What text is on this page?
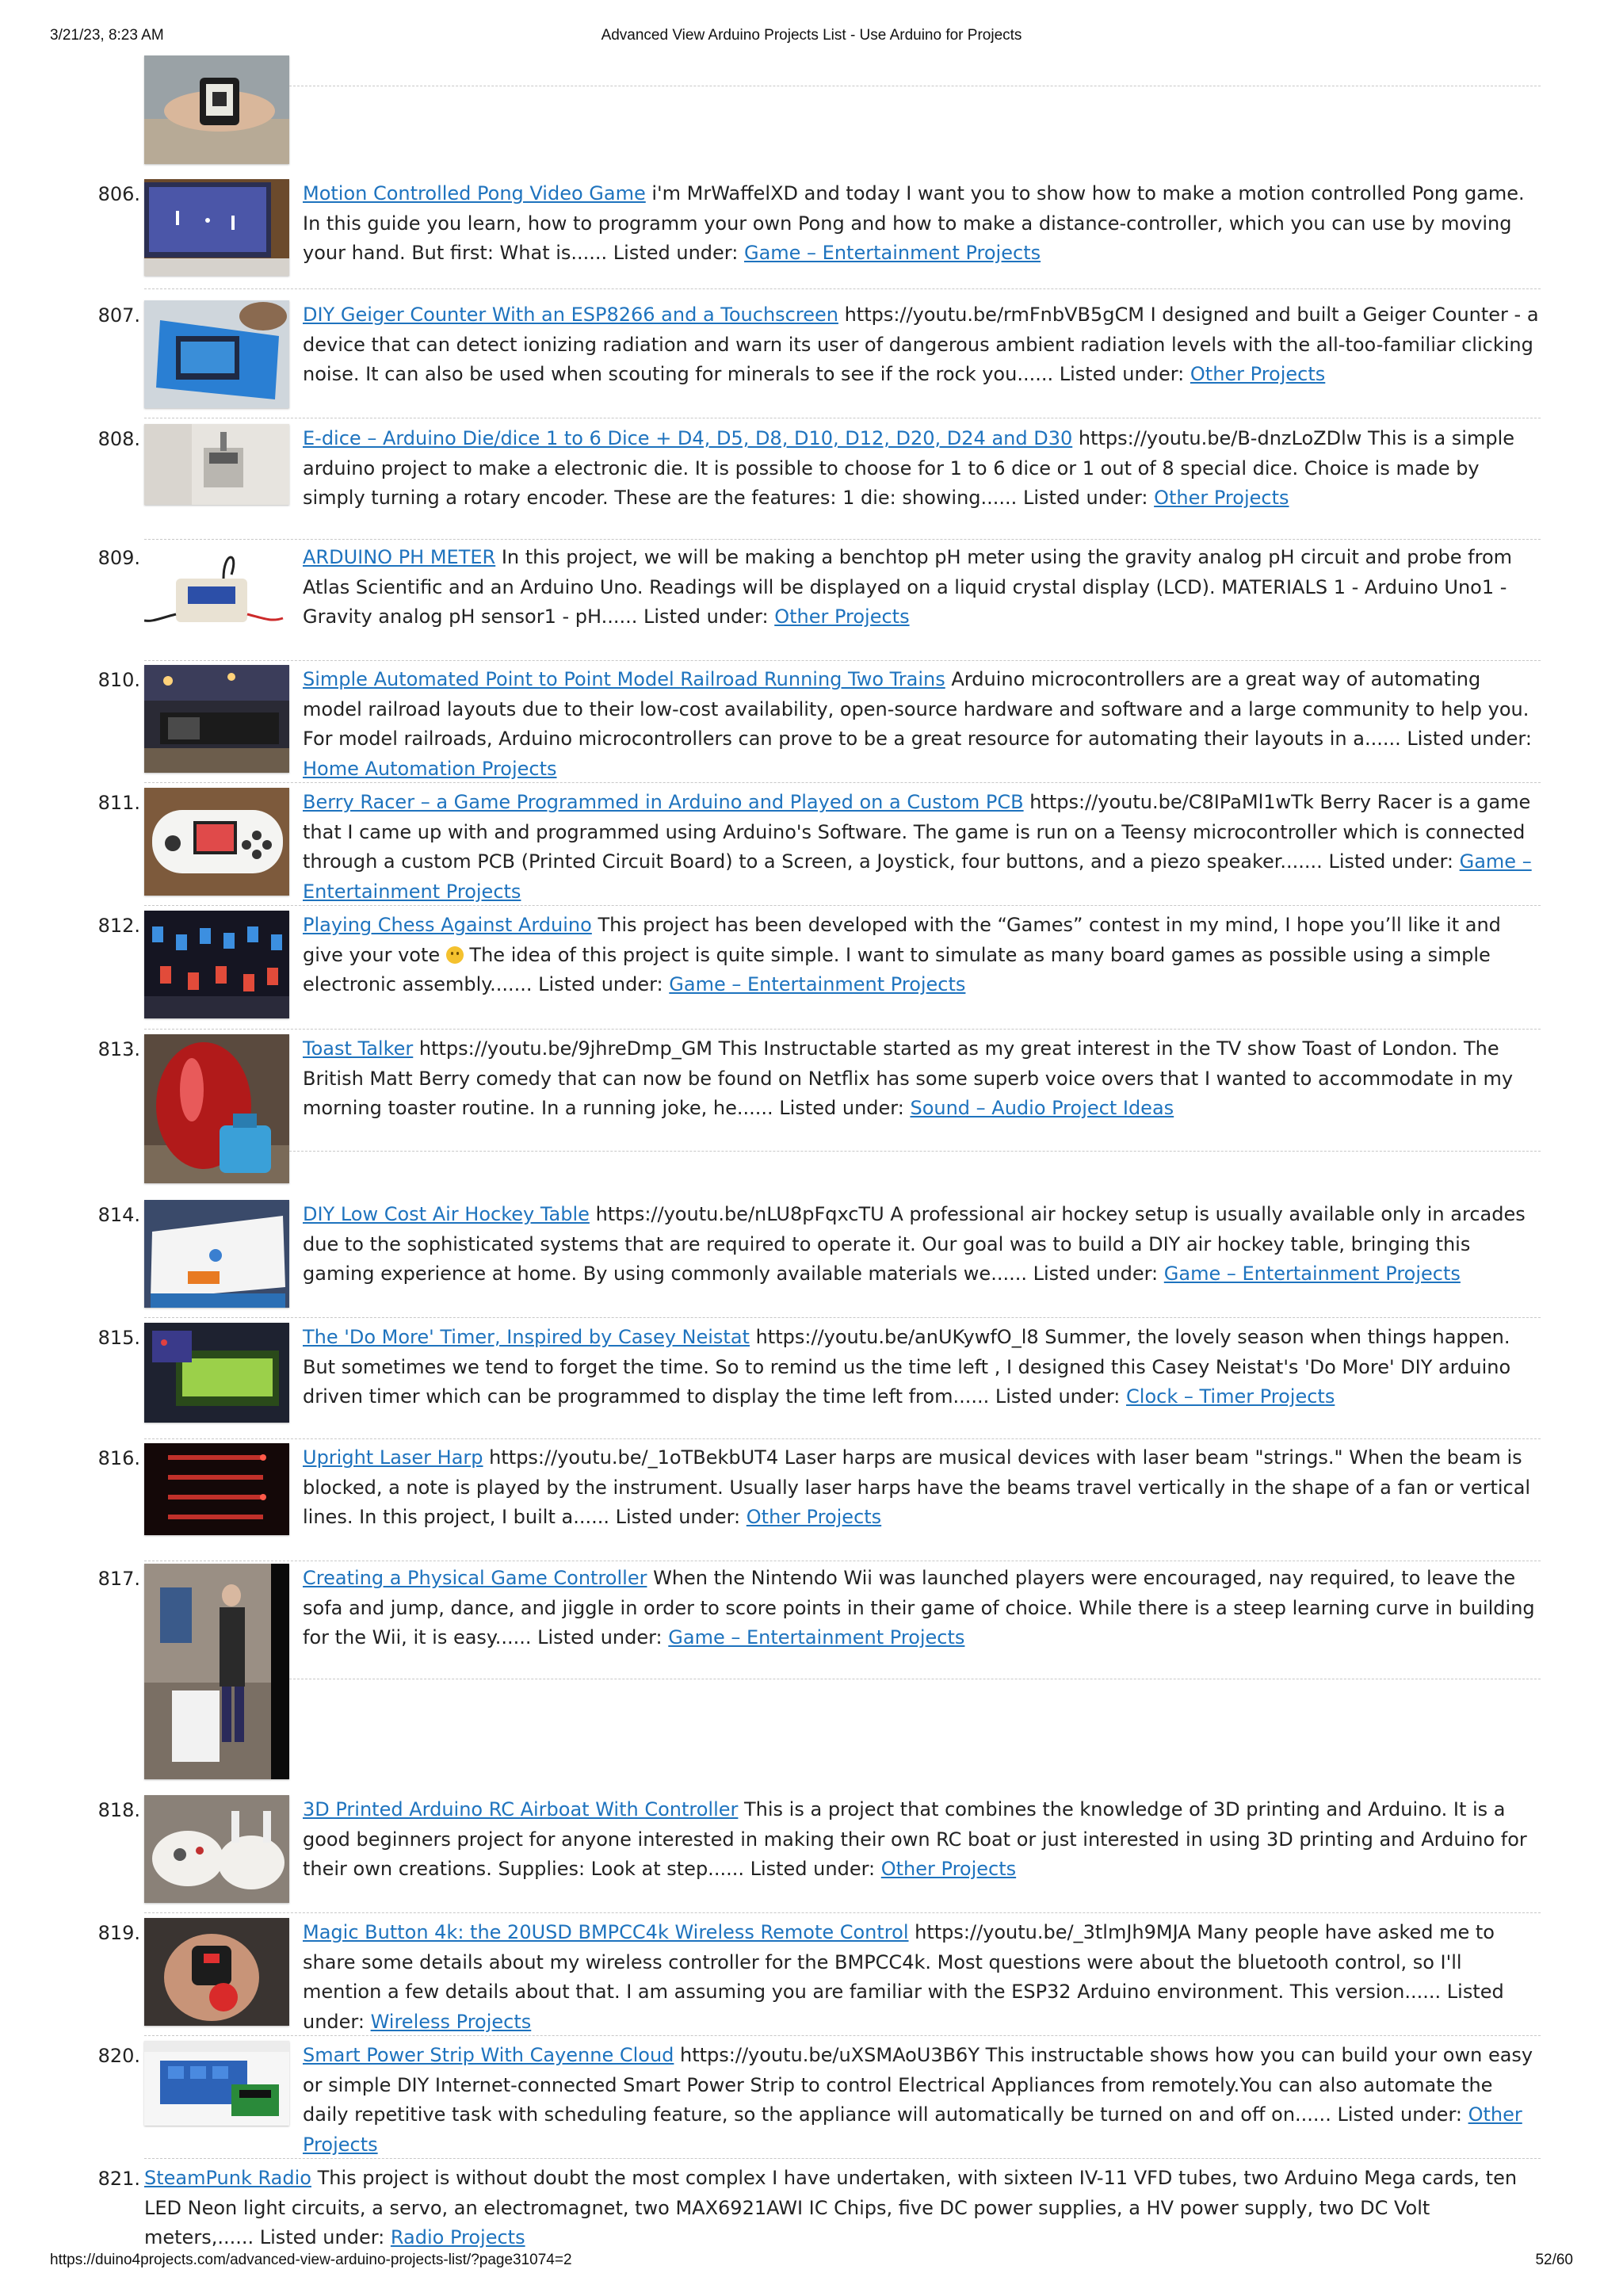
3/21/23, 8:23 AM	Advanced View Arduino Projects List - Use Arduino for Projects
806.	Motion Controlled Pong Video Game i'm MrWaffelXD and today I want you to show how to make a motion controlled Pong game. In this guide you learn, how to programm your own Pong and how to make a distance-controller, which you can use by moving your hand. But first: What is...... Listed under: Game – Entertainment Projects
807.	DIY Geiger Counter With an ESP8266 and a Touchscreen https://youtu.be/rmFnbVB5gCM I designed and built a Geiger Counter - a device that can detect ionizing radiation and warn its user of dangerous ambient radiation levels with the all-too-familiar clicking noise. It can also be used when scouting for minerals to see if the rock you...... Listed under: Other Projects
808.	E-dice – Arduino Die/dice 1 to 6 Dice + D4, D5, D8, D10, D12, D20, D24 and D30 https://youtu.be/B-dnzLoZDlw This is a simple arduino project to make a electronic die. It is possible to choose for 1 to 6 dice or 1 out of 8 special dice. Choice is made by simply turning a rotary encoder. These are the features: 1 die: showing...... Listed under: Other Projects
809.	ARDUINO PH METER In this project, we will be making a benchtop pH meter using the gravity analog pH circuit and probe from Atlas Scientific and an Arduino Uno. Readings will be displayed on a liquid crystal display (LCD). MATERIALS 1 - Arduino Uno1 - Gravity analog pH sensor1 - pH...... Listed under: Other Projects
810.	Simple Automated Point to Point Model Railroad Running Two Trains Arduino microcontrollers are a great way of automating model railroad layouts due to their low-cost availability, open-source hardware and software and a large community to help you. For model railroads, Arduino microcontrollers can prove to be a great resource for automating their layouts in a...... Listed under: Home Automation Projects
811.	Berry Racer – a Game Programmed in Arduino and Played on a Custom PCB https://youtu.be/C8IPaMl1wTk Berry Racer is a game that I came up with and programmed using Arduino's Software. The game is run on a Teensy microcontroller which is connected through a custom PCB (Printed Circuit Board) to a Screen, a Joystick, four buttons, and a piezo speaker....... Listed under: Game – Entertainment Projects
812.	Playing Chess Against Arduino This project has been developed with the “Games” contest in my mind, I hope you’ll like it and give your vote  The idea of this project is quite simple. I want to simulate as many board games as possible using a simple electronic assembly....... Listed under: Game – Entertainment Projects
813.	Toast Talker https://youtu.be/9jhreDmp_GM This Instructable started as my great interest in the TV show Toast of London. The British Matt Berry comedy that can now be found on Netflix has some superb voice overs that I wanted to accommodate in my morning toaster routine. In a running joke, he...... Listed under: Sound – Audio Project Ideas
814.	DIY Low Cost Air Hockey Table https://youtu.be/nLU8pFqxcTU A professional air hockey setup is usually available only in arcades due to the sophisticated systems that are required to operate it. Our goal was to build a DIY air hockey table, bringing this gaming experience at home. By using commonly available materials we...... Listed under: Game – Entertainment Projects
815.	The 'Do More' Timer, Inspired by Casey Neistat https://youtu.be/anUKywfO_l8 Summer, the lovely season when things happen. But sometimes we tend to forget the time. So to remind us the time left , I designed this Casey Neistat's 'Do More' DIY arduino driven timer which can be programmed to display the time left from...... Listed under: Clock – Timer Projects
816.	Upright Laser Harp https://youtu.be/_1oTBekbUT4 Laser harps are musical devices with laser beam "strings." When the beam is blocked, a note is played by the instrument. Usually laser harps have the beams travel vertically in the shape of a fan or vertical lines. In this project, I built a...... Listed under: Other Projects
817.	Creating a Physical Game Controller When the Nintendo Wii was launched players were encouraged, nay required, to leave the sofa and jump, dance, and jiggle in order to score points in their game of choice. While there is a steep learning curve in building for the Wii, it is easy...... Listed under: Game – Entertainment Projects
818.	3D Printed Arduino RC Airboat With Controller This is a project that combines the knowledge of 3D printing and Arduino. It is a good beginners project for anyone interested in making their own RC boat or just interested in using 3D printing and Arduino for their own creations. Supplies: Look at step...... Listed under: Other Projects
819.	Magic Button 4k: the 20USD BMPCC4k Wireless Remote Control https://youtu.be/_3tlmJh9MJA Many people have asked me to share some details about my wireless controller for the BMPCC4k. Most questions were about the bluetooth control, so I'll mention a few details about that. I am assuming you are familiar with the ESP32 Arduino environment. This version...... Listed under: Wireless Projects
820.	Smart Power Strip With Cayenne Cloud https://youtu.be/uXSMAoU3B6Y This instructable shows how you can build your own easy or simple DIY Internet-connected Smart Power Strip to control Electrical Appliances from remotely.You can also automate the daily repetitive task with scheduling feature, so the appliance will automatically be turned on and off on...... Listed under: Other Projects
821. SteamPunk Radio This project is without doubt the most complex I have undertaken, with sixteen IV-11 VFD tubes, two Arduino Mega cards, ten LED Neon light circuits, a servo, an electromagnet, two MAX6921AWI IC Chips, five DC power supplies, a HV power supply, two DC Volt meters,...... Listed under: Radio Projects
https://duino4projects.com/advanced-view-arduino-projects-list/?page31074=2	52/60
